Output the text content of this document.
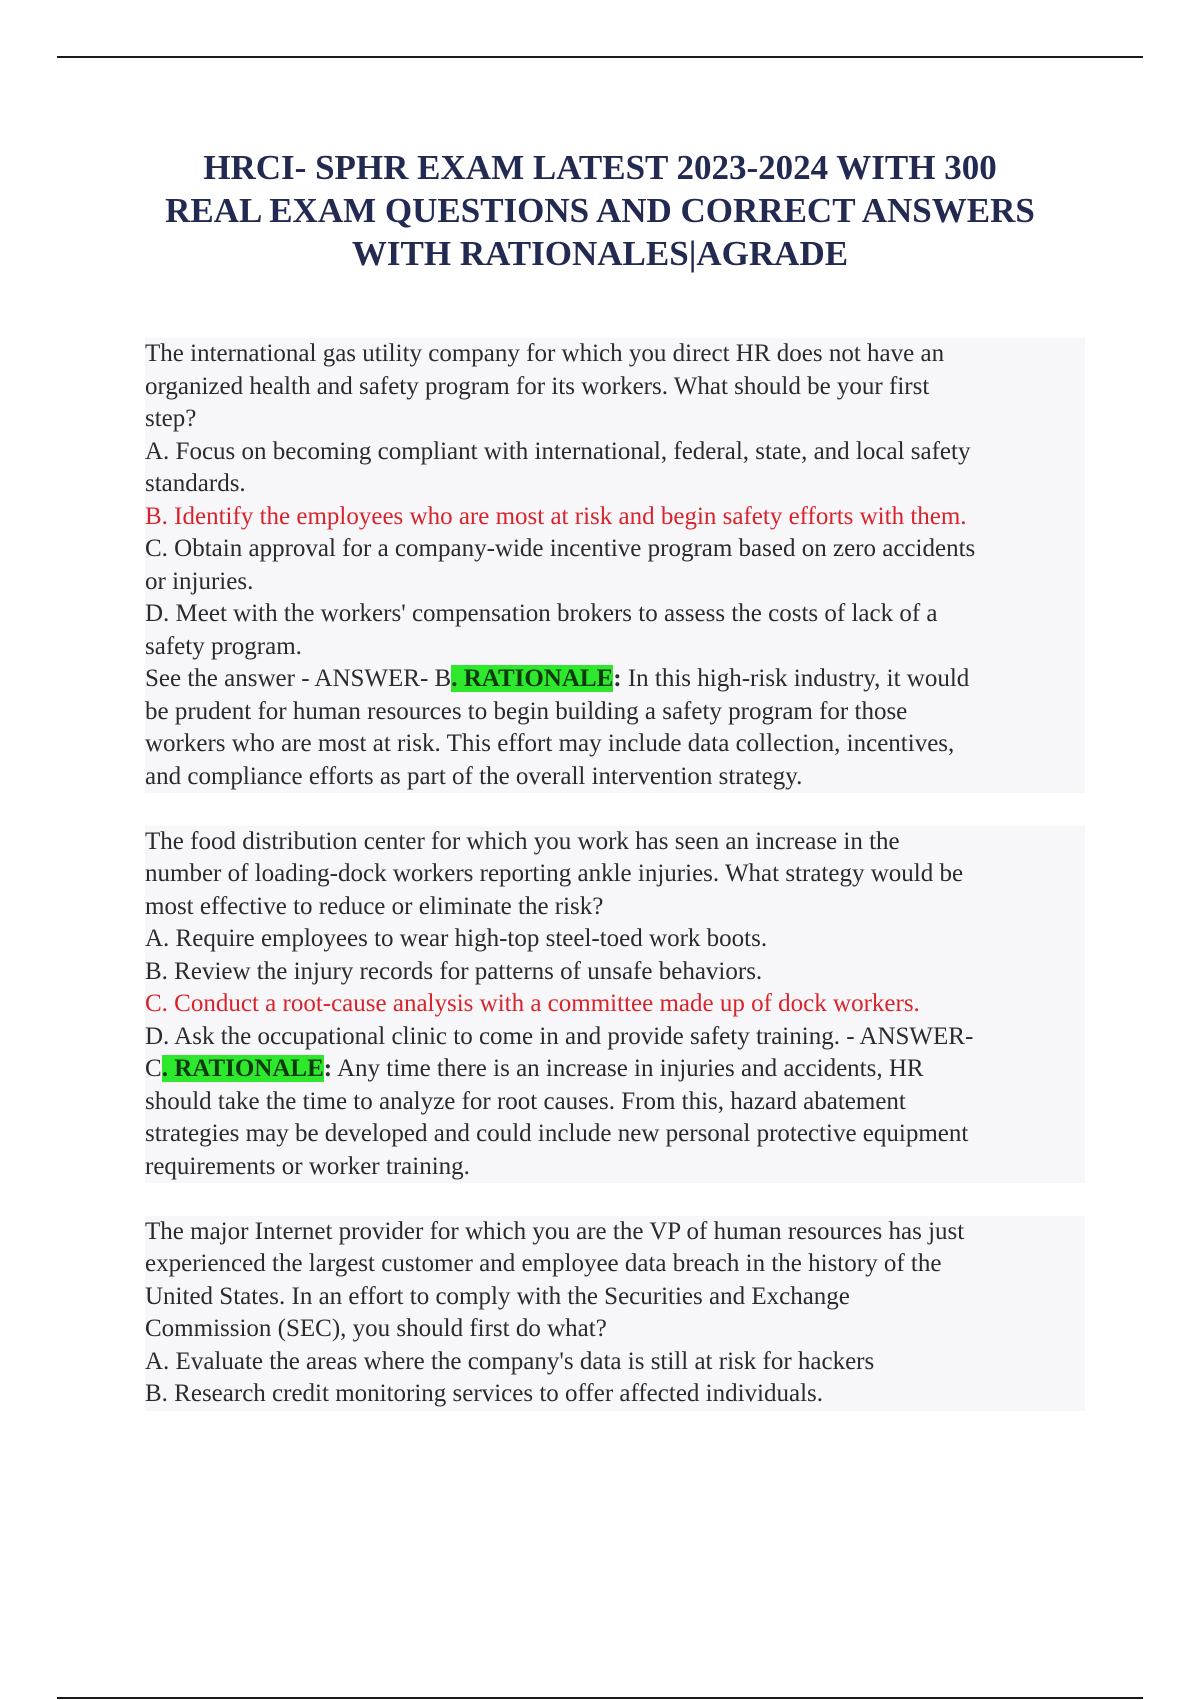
HRCI- SPHR EXAM LATEST 2023-2024 WITH 300
REAL EXAM QUESTIONS AND CORRECT ANSWERS
WITH RATIONALES|AGRADE
The international gas utility company for which you direct HR does not have an
organized health and safety program for its workers. What should be your first
step?
A. Focus on becoming compliant with international, federal, state, and local safety
standards.
B. Identify the employees who are most at risk and begin safety efforts with them.
C. Obtain approval for a company-wide incentive program based on zero accidents
or injuries.
D. Meet with the workers' compensation brokers to assess the costs of lack of a
safety program.
See the answer - ANSWER- B. RATIONALE: In this high-risk industry, it would
be prudent for human resources to begin building a safety program for those
workers who are most at risk. This effort may include data collection, incentives,
and compliance efforts as part of the overall intervention strategy.
The food distribution center for which you work has seen an increase in the
number of loading-dock workers reporting ankle injuries. What strategy would be
most effective to reduce or eliminate the risk?
A. Require employees to wear high-top steel-toed work boots.
B. Review the injury records for patterns of unsafe behaviors.
C. Conduct a root-cause analysis with a committee made up of dock workers.
D. Ask the occupational clinic to come in and provide safety training. - ANSWER-
C. RATIONALE: Any time there is an increase in injuries and accidents, HR
should take the time to analyze for root causes. From this, hazard abatement
strategies may be developed and could include new personal protective equipment
requirements or worker training.
The major Internet provider for which you are the VP of human resources has just
experienced the largest customer and employee data breach in the history of the
United States. In an effort to comply with the Securities and Exchange
Commission (SEC), you should first do what?
A. Evaluate the areas where the company's data is still at risk for hackers
B. Research credit monitoring services to offer affected individuals.
